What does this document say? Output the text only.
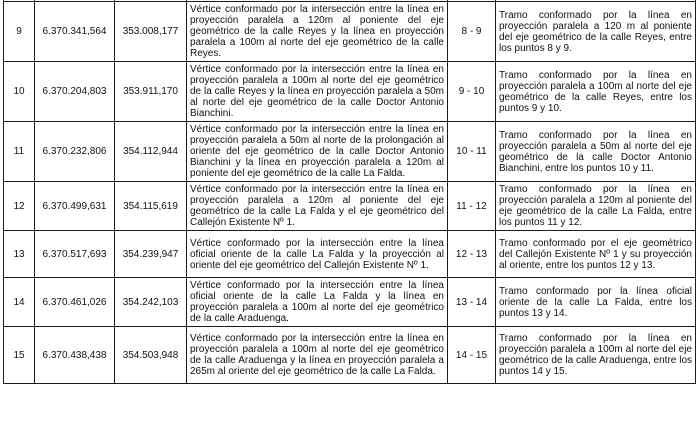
9	6.370.341,564	353.008,177	Vértice conformado por la intersección entre la línea en proyección paralela a 120m al poniente del eje geométrico de la calle Reyes y la línea en proyección paralela a 100m al norte del eje geométrico de la calle Reyes.	8 - 9	Tramo conformado por la línea en proyección paralela a 120 m al poniente del eje geométrico de la calle Reyes, entre los puntos 8 y 9.
10	6.370.204,803	353.911,170	Vértice conformado por la intersección entre la línea en proyección paralela a 100m al norte del eje geométrico de la calle Reyes y la línea en proyección paralela a 50m al norte del eje geométrico de la calle Doctor Antonio Bianchini.	9 - 10	Tramo conformado por la línea en proyección paralela a 100m al norte del eje geométrico de la calle Reyes, entre los puntos 9 y 10.
11	6.370.232,806	354.112,944	Vértice conformado por la intersección entre la línea en proyección paralela a 50m al norte de la prolongación al oriente del eje geométrico de la calle Doctor Antonio Bianchini y la línea en proyección paralela a 120m al poniente del eje geométrico de la calle La Falda.	10 - 11	Tramo conformado por la línea en proyección paralela a 50m al norte del eje geométrico de la calle Doctor Antonio Bianchini, entre los puntos 10 y 11.
12	6.370.499,631	354.115,619	Vértice conformado por la intersección entre la línea en proyección paralela a 120m al poniente del eje geométrico de la calle La Falda y el eje geométrico del Callejón Existente Nº 1.	11 - 12	Tramo conformado por la línea en proyección paralela a 120m al poniente del eje geométrico de la calle La Falda, entre los puntos 11 y 12.
13	6.370.517,693	354.239,947	Vértice conformado por la intersección entre la línea oficial oriente de la calle La Falda y la proyección al oriente del eje geométrico del Callejón Existente Nº 1.	12 - 13	Tramo conformado por el eje geométrico del Callejón Existente Nº 1 y su proyección al oriente, entre los puntos 12 y 13.
14	6.370.461,026	354.242,103	Vértice conformado por la intersección entre la línea oficial oriente de la calle La Falda y la línea en proyección paralela a 100m al norte del eje geométrico de la calle Araduenga.	13 - 14	Tramo conformado por la línea oficial oriente de la calle La Falda, entre los puntos 13 y 14.
15	6.370.438,438	354.503,948	Vértice conformado por la intersección entre la línea en proyección paralela a 100m al norte del eje geométrico de la calle Araduenga y la línea en proyección paralela a 265m al oriente del eje geométrico de la calle La Falda.	14 - 15	Tramo conformado por la línea en proyección paralela a 100m al norte del eje geométrico de la calle Araduenga, entre los puntos 14 y 15.
